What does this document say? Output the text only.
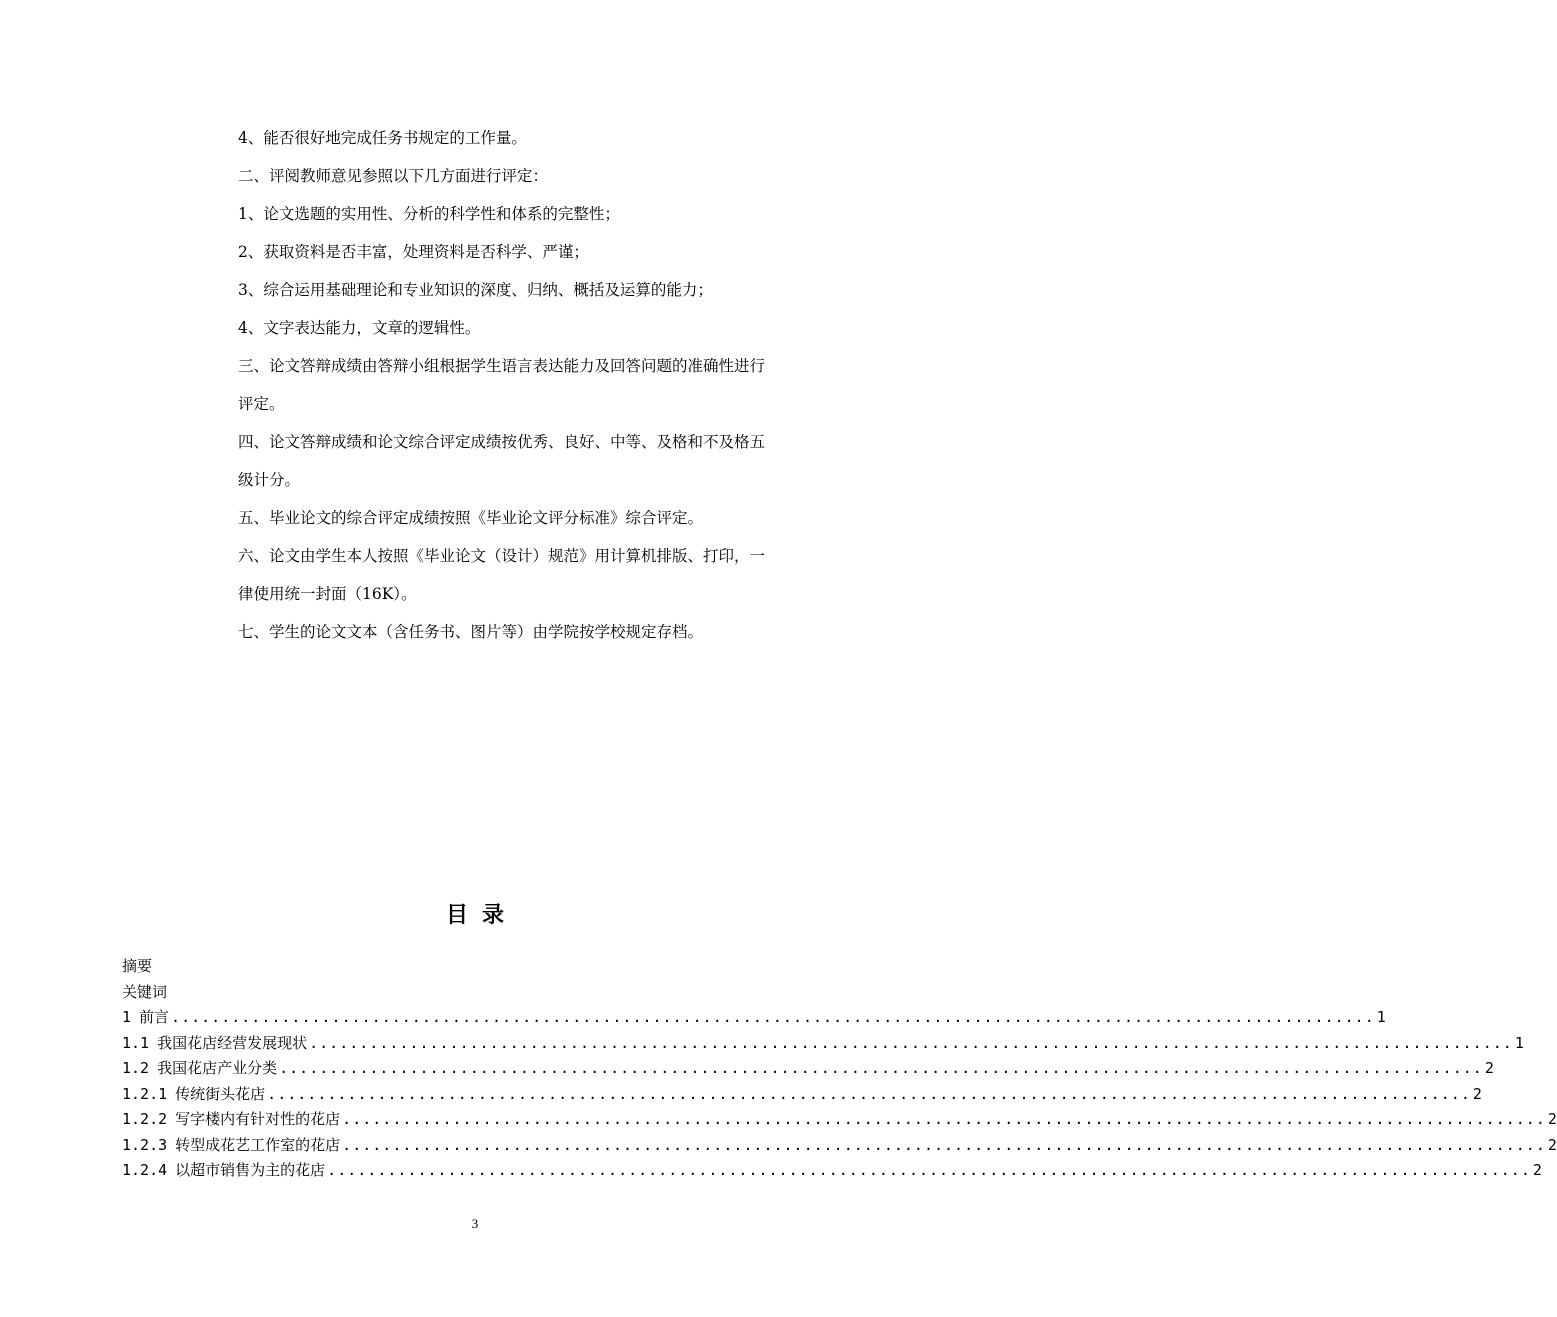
4、能否很好地完成任务书规定的工作量。
二、评阅教师意见参照以下几方面进行评定：
1、论文选题的实用性、分析的科学性和体系的完整性；
2、获取资料是否丰富，处理资料是否科学、严谨；
3、综合运用基础理论和专业知识的深度、归纳、概括及运算的能力；
4、文字表达能力，文章的逻辑性。
三、论文答辩成绩由答辩小组根据学生语言表达能力及回答问题的准确性进行
评定。
四、论文答辩成绩和论文综合评定成绩按优秀、良好、中等、及格和不及格五
级计分。
五、毕业论文的综合评定成绩按照《毕业论文评分标准》综合评定。
六、论文由学生本人按照《毕业论文（设计）规范》用计算机排版、打印，一
律使用统一封面（16K）。
七、学生的论文文本（含任务书、图片等）由学院按学校规定存档。
目录
摘要
关键词
1 前言 ........................................................................................................................ 1
1.1 我国花店经营发展现状 ........................................................................................................................ 1
1.2 我国花店产业分类 ........................................................................................................................ 2
1.2.1 传统街头花店 ........................................................................................................................ 2
1.2.2 写字楼内有针对性的花店 ........................................................................................................................ 2
1.2.3 转型成花艺工作室的花店 ........................................................................................................................ 2
1.2.4 以超市销售为主的花店 ........................................................................................................................ 2
3
